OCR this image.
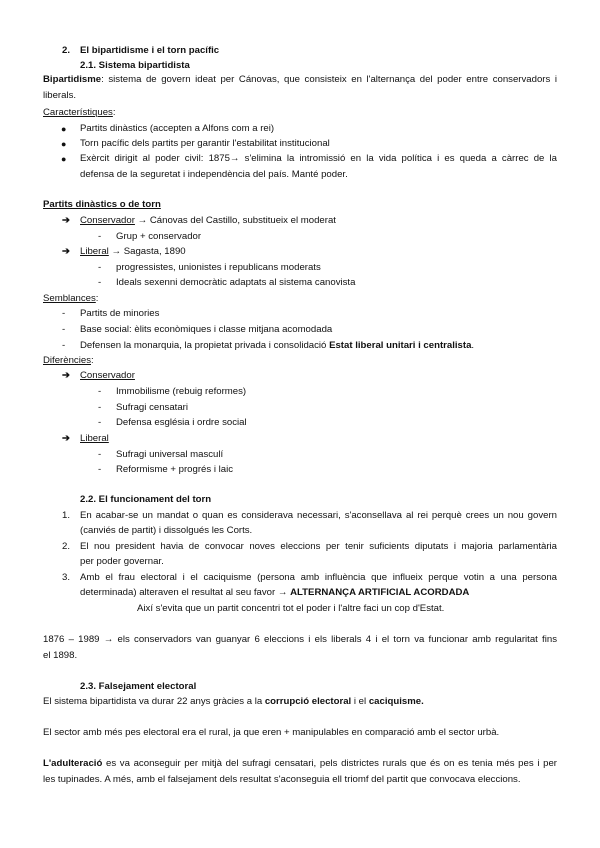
2. El bipartidisme i el torn pacífic
2.1. Sistema bipartidista
Bipartidisme: sistema de govern ideat per Cánovas, que consisteix en l'alternança del poder entre conservadors i
liberals.
Característiques:
● Partits dinàstics (accepten a Alfons com a rei)
● Torn pacífic dels partits per garantir l'estabilitat institucional
● Exèrcit dirigit al poder civil: 1875→ s'elimina la intromissió en la vida política i es queda a càrrec de la
defensa de la seguretat i independència del país. Manté poder.
Partits dinàstics o de torn
➔ Conservador → Cánovas del Castillo, substitueix el moderat
- Grup + conservador
➔ Liberal → Sagasta, 1890
- progressistes, unionistes i republicans moderats
- Ideals sexenni democràtic adaptats al sistema canovista
Semblances:
- Partits de minories
- Base social: èlits econòmiques i classe mitjana acomodada
- Defensen la monarquia, la propietat privada i consolidació Estat liberal unitari i centralista.
Diferències:
➔ Conservador
- Immobilisme (rebuig reformes)
- Sufragi censatari
- Defensa església i ordre social
➔ Liberal
- Sufragi universal masculí
- Reformisme + progrés i laic
2.2. El funcionament del torn
1. En acabar-se un mandat o quan es considerava necessari, s'aconsellava al rei perquè crees un nou govern
(canviés de partit) i dissolgués les Corts.
2. El nou president havia de convocar noves eleccions per tenir suficients diputats i majoria parlamentària
per poder governar.
3. Amb el frau electoral i el caciquisme (persona amb influència que influeix perque votin a una persona
determinada) alteraven el resultat al seu favor → ALTERNANÇA ARTIFICIAL ACORDADA
Així s'evita que un partit concentri tot el poder i l'altre faci un cop d'Estat.
1876 – 1989 → els conservadors van guanyar 6 eleccions i els liberals 4 i el torn va funcionar amb regularitat fins
el 1898.
2.3. Falsejament electoral
El sistema bipartidista va durar 22 anys gràcies a la corrupció electoral i el caciquisme.
El sector amb més pes electoral era el rural, ja que eren + manipulables en comparació amb el sector urbà.
L'adulteració es va aconseguir per mitjà del sufragi censatari, pels districtes rurals que és on es tenia més pes i per
les tupinades. A més, amb el falsejament dels resultat s'aconseguia ell triomf del partit que convocava eleccions.
